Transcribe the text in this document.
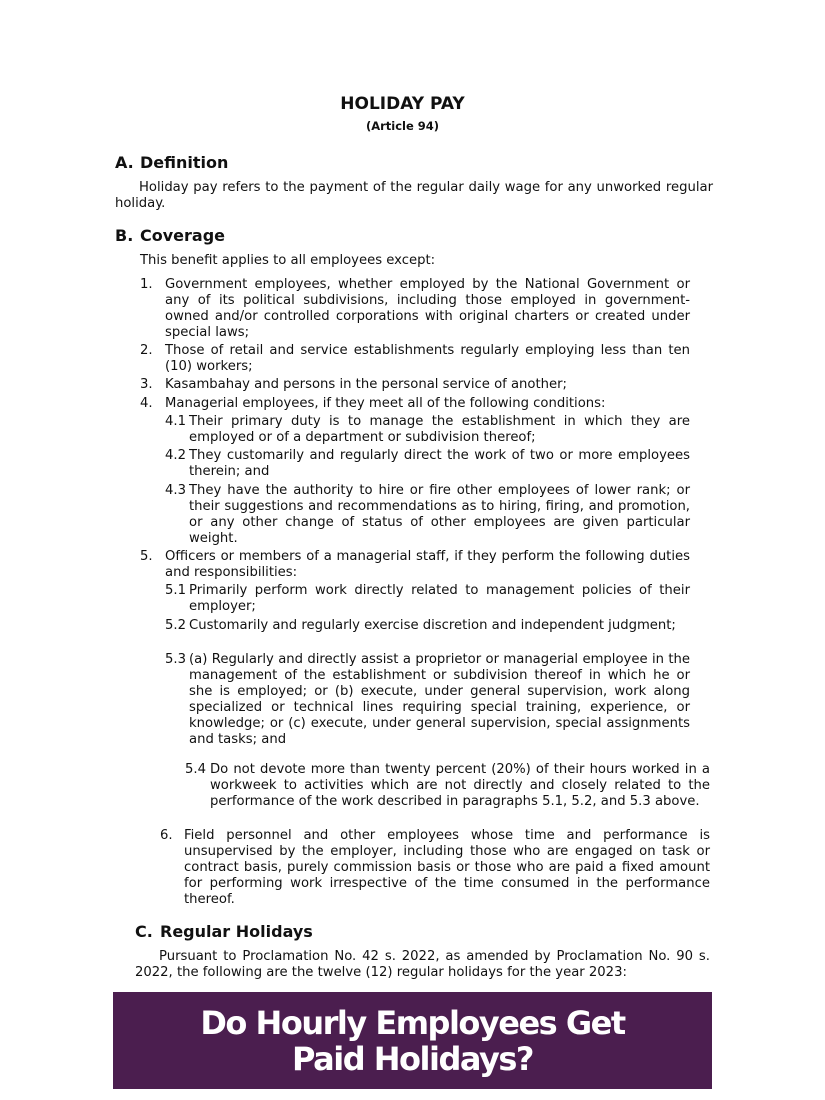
HOLIDAY PAY
(Article 94)
A. Definition

Holiday pay refers to the payment of the regular daily wage for any unworked regular holiday.

B. Coverage

This benefit applies to all employees except:

1. Government employees, whether employed by the National Government or any of its political subdivisions, including those employed in government-owned and/or controlled corporations with original charters or created under special laws;
2. Those of retail and service establishments regularly employing less than ten (10) workers;
3. Kasambahay and persons in the personal service of another;
4. Managerial employees, if they meet all of the following conditions:
4.1 Their primary duty is to manage the establishment in which they are employed or of a department or subdivision thereof;
4.2 They customarily and regularly direct the work of two or more employees therein; and
4.3 They have the authority to hire or fire other employees of lower rank; or their suggestions and recommendations as to hiring, firing, and promotion, or any other change of status of other employees are given particular weight.
5. Officers or members of a managerial staff, if they perform the following duties and responsibilities:
5.1 Primarily perform work directly related to management policies of their employer;
5.2 Customarily and regularly exercise discretion and independent judgment;
5.3 (a) Regularly and directly assist a proprietor or managerial employee in the management of the establishment or subdivision thereof in which he or she is employed; or (b) execute, under general supervision, work along specialized or technical lines requiring special training, experience, or knowledge; or (c) execute, under general supervision, special assignments and tasks; and
5.4 Do not devote more than twenty percent (20%) of their hours worked in a workweek to activities which are not directly and closely related to the performance of the work described in paragraphs 5.1, 5.2, and 5.3 above.
6. Field personnel and other employees whose time and performance is unsupervised by the employer, including those who are engaged on task or contract basis, purely commission basis or those who are paid a fixed amount for performing work irrespective of the time consumed in the performance thereof.
C. Regular Holidays

Pursuant to Proclamation No. 42 s. 2022, as amended by Proclamation No. 90 s. 2022, the following are the twelve (12) regular holidays for the year 2023:

Do Hourly Employees Get Paid Holidays?
